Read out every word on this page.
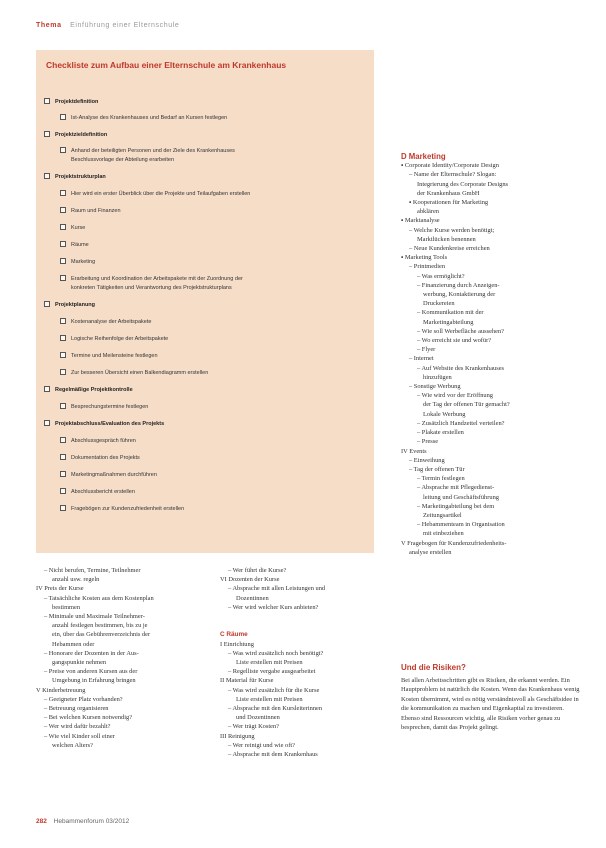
Thema Einführung einer Elternschule
Checkliste zum Aufbau einer Elternschule am Krankenhaus
Projektdefinition
Ist-Analyse des Krankenhauses und Bedarf an Kursen festlegen
Projektzieldefinition
Anhand der beteiligten Personen und der Ziele des Krankenhauses
Beschlussvorlage der Abteilung erarbeiten
Projektstrukturplan
Hier wird ein erster Überblick über die Projekte und Teilaufgaben erstellen
Raum und Finanzen
Kurse
Räume
Marketing
Erarbeitung und Koordination der Arbeitspakete mit der Zuordnung der
konkreten Tätigkeiten und Verantwortung des Projektstrukturplans
Projektplanung
Kostenanalyse der Arbeitspakete
Logische Reihenfolge der Arbeitspakete
Termine und Meilensteine festlegen
Zur besseren Übersicht einen Balkendiagramm erstellen
Regelmäßige Projektkontrolle
Besprechungstermine festlegen
Projektabschluss/Evaluation des Projekts
Abschlussgespräch führen
Dokumentation des Projekts
Marketingmaßnahmen durchführen
Abschlussbericht erstellen
Fragebögen zur Kundenzufriedenheit erstellen
D Marketing
▪ Corporate Identity/Corporate Design
– Name der Elternschule? Slogan:
Integrierung des Corporate Designs
der Krankenhaus GmbH
▪ Kooperationen für Marketing
abklären
▪ Marktanalyse
– Welche Kurse werden benötigt;
Marktlücken benennen
– Neue Kundenkreise erreichen
▪ Marketing Tools
– Printmedien
– Was ermöglicht?
– Finanzierung durch Anzeigen-
werbung, Kontaktierung der
Druckereien
– Kommunikation mit der
Marketingabteilung
– Wie soll Werbefläche aussehen?
– Wo erreicht sie und wofür?
– Flyer
– Internet
– Auf Website des Krankenhauses
hinzufügen
– Sonstige Werbung
– Wie wird vor der Eröffnung
der Tag der offenen Tür gemacht?
Lokale Werbung
– Zusätzlich Handzettel verteilen?
– Plakate erstellen
– Presse
IV Events
– Einweihung
– Tag der offenen Tür
– Termin festlegen
– Absprache mit Pflegedienst-
leitung und Geschäftsführung
– Marketingabteilung bei dem
Zeitungsartikel
– Hebammenteam in Organisation
mit einbeziehen
V Fragebogen für Kundenzufriedenheits-
analyse erstellen
– Nicht berufen, Termine, Teilnehmer
anzahl usw. regeln
IV Preis der Kurse
– Tatsächliche Kosten aus dem Kostenplan
bestimmen
– Minimale und Maximale Teilnehmer-
anzahl festlegen bestimmen, bis zu je
ein, über das Gebührenverzeichnis der
Hebammen oder
– Honorare der Dozenten in der Aus-
gangspunkte nehmen
– Preise von anderen Kursen aus der
Umgebung in Erfahrung bringen
V Kinderbetreuung
– Geeigneter Platz vorhanden?
– Betreuung organisieren
– Bei welchen Kursen notwendig?
– Wer wird dafür bezahlt?
– Wie viel Kinder soll einer
welchen Alters?
– Wer führt die Kurse?
VI Dozenten der Kurse
– Absprache mit allen Leistungen und
Dozentinnen
– Wer wird welcher Kurs anbieten?

C Räume
I Einrichtung
– Was wird zusätzlich noch benötigt?
Liste erstellen mit Preisen
– Regelliste vergabe ausgearbeitet
II Material für Kurse
– Was wird zusätzlich für die Kurse
Liste erstellen mit Preisen
– Absprache mit den Kursleiterinnen
und Dozentinnen
– Wer trägt Kosten?
III Reinigung
– Wer reinigt und wie oft?
– Absprache mit dem Krankenhaus
Und die Risiken?
Bei allen Arbeitsschritten gibt es Risiken, die erkannt werden. Ein Hauptproblem ist natürlich die Kosten. Wenn das Krankenhaus wenig Kosten übernimmt, wird es nötig verständnisvoll als Geschäftsidee in die kommunikation zu machen und Eigenkapital zu investieren. Ebenso sind Ressourcen wichtig, alle Risiken vorher genau zu besprechen, damit das Projekt gelingt.
282 Hebammenforum 03/2012
